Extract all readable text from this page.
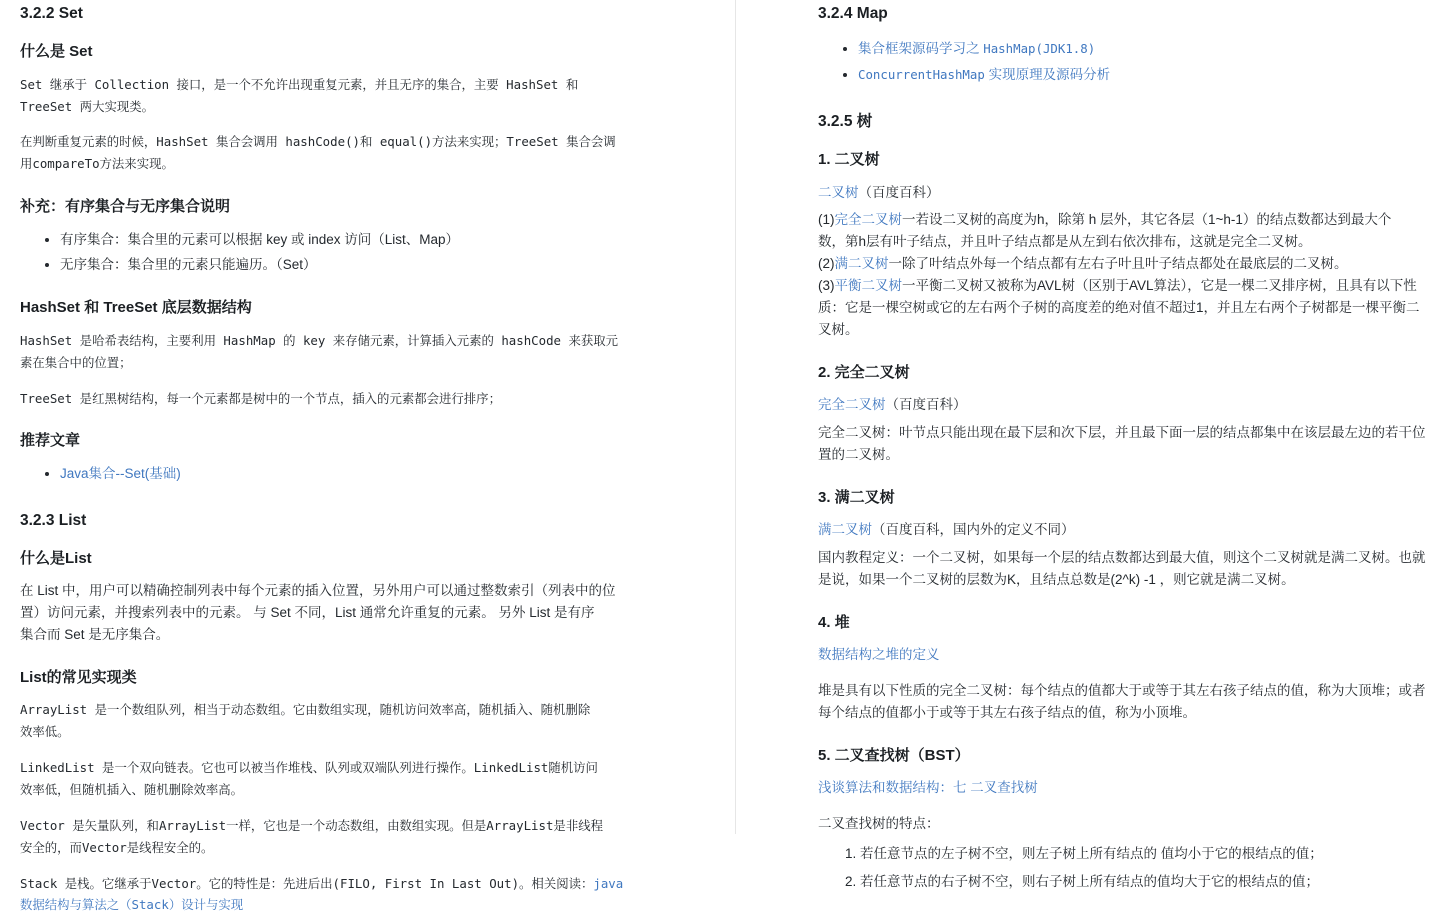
3.2.2 Set
什么是 Set

Set 继承于 Collection 接口，是一个不允许出现重复元素，并且无序的集合，主要 HashSet 和
TreeSet 两大实现类。

在判断重复元素的时候，HashSet 集合会调用 hashCode()和 equal()方法来实现；TreeSet 集合会调
用compareTo方法来实现。

补充：有序集合与无序集合说明
• 有序集合：集合里的元素可以根据 key 或 index 访问（List、Map）
• 无序集合：集合里的元素只能遍历。（Set）
HashSet 和 TreeSet 底层数据结构

HashSet 是哈希表结构，主要利用 HashMap 的 key 来存储元素，计算插入元素的 hashCode 来获取元
素在集合中的位置；

TreeSet 是红黑树结构，每一个元素都是树中的一个节点，插入的元素都会进行排序；

推荐文章
• Java集合--Set(基础)
3.2.3 List
什么是List

在 List 中，用户可以精确控制列表中每个元素的插入位置，另外用户可以通过整数索引（列表中的位
置）访问元素，并搜索列表中的元素。 与 Set 不同，List 通常允许重复的元素。 另外 List 是有序
集合而 Set 是无序集合。

List的常见实现类

ArrayList 是一个数组队列，相当于动态数组。它由数组实现，随机访问效率高，随机插入、随机删除
效率低。

LinkedList 是一个双向链表。它也可以被当作堆栈、队列或双端队列进行操作。LinkedList随机访问
效率低，但随机插入、随机删除效率高。

Vector 是矢量队列，和ArrayList一样，它也是一个动态数组，由数组实现。但是ArrayList是非线程
安全的，而Vector是线程安全的。

Stack 是栈。它继承于Vector。它的特性是：先进后出(FILO, First In Last Out)。相关阅读：java
数据结构与算法之（Stack）设计与实现

3.2.4 Map
• 集合框架源码学习之 HashMap(JDK1.8)
• ConcurrentHashMap 实现原理及源码分析
3.2.5 树
1. 二叉树

二叉树（百度百科）

(1)完全二叉树一若设二叉树的高度为h，除第 h 层外，其它各层（1~h-1）的结点数都达到最大个
数，第h层有叶子结点，并且叶子结点都是从左到右依次排布，这就是完全二叉树。
(2)满二叉树一除了叶结点外每一个结点都有左右子叶且叶子结点都处在最底层的二叉树。
(3)平衡二叉树一平衡二叉树又被称为AVL树（区别于AVL算法），它是一棵二叉排序树，且具有以下性
质：它是一棵空树或它的左右两个子树的高度差的绝对值不超过1，并且左右两个子树都是一棵平衡二
叉树。
2. 完全二叉树

完全二叉树（百度百科）

完全二叉树：叶节点只能出现在最下层和次下层，并且最下面一层的结点都集中在该层最左边的若干位
置的二叉树。
3. 满二叉树

满二叉树（百度百科，国内外的定义不同）

国内教程定义：一个二叉树，如果每一个层的结点数都达到最大值，则这个二叉树就是满二叉树。也就
是说，如果一个二叉树的层数为K，且结点总数是(2^k) -1 ，则它就是满二叉树。
4. 堆

数据结构之堆的定义

堆是具有以下性质的完全二叉树：每个结点的值都大于或等于其左右孩子结点的值，称为大顶堆；或者
每个结点的值都小于或等于其左右孩子结点的值，称为小顶堆。
5. 二叉查找树（BST）

浅谈算法和数据结构：七 二叉查找树

二叉查找树的特点：

1. 若任意节点的左子树不空，则左子树上所有结点的 值均小于它的根结点的值；
2. 若任意节点的右子树不空，则右子树上所有结点的值均大于它的根结点的值；
